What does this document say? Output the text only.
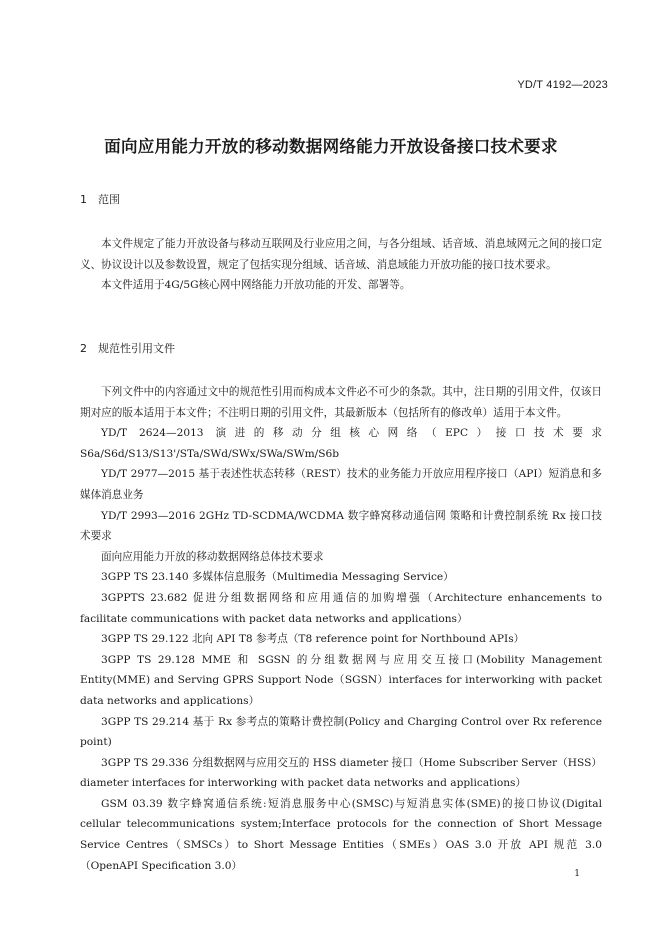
YD/T 4192—2023
面向应用能力开放的移动数据网络能力开放设备接口技术要求
1 范围

本文件规定了能力开放设备与移动互联网及行业应用之间，与各分组域、话音域、消息域网元之间的接口定义、协议设计以及参数设置，规定了包括实现分组域、话音域、消息域能力开放功能的接口技术要求。

本文件适用于4G/5G核心网中网络能力开放功能的开发、部署等。

2 规范性引用文件

下列文件中的内容通过文中的规范性引用而构成本文件必不可少的条款。其中，注日期的引用文件，仅该日期对应的版本适用于本文件；不注明日期的引用文件，其最新版本（包括所有的修改单）适用于本文件。

YD/T 2624—2013 演进的移动分组核心网络（EPC）接口技术要求 S6a/S6d/S13/S13'/STa/SWd/SWx/SWa/SWm/S6b

YD/T 2977—2015 基于表述性状态转移（REST）技术的业务能力开放应用程序接口（API）短消息和多媒体消息业务

YD/T 2993—2016 2GHz TD-SCDMA/WCDMA 数字蜂窝移动通信网 策略和计费控制系统 Rx 接口技术要求

面向应用能力开放的移动数据网络总体技术要求

3GPP TS 23.140 多媒体信息服务（Multimedia Messaging Service）

3GPPTS 23.682 促进分组数据网络和应用通信的加购增强（Architecture enhancements to facilitate communications with packet data networks and applications）

3GPP TS 29.122 北向 API T8 参考点（T8 reference point for Northbound APIs）

3GPP TS 29.128 MME 和 SGSN 的分组数据网与应用交互接口(Mobility Management Entity(MME) and Serving GPRS Support Node（SGSN）interfaces for interworking with packet data networks and applications）

3GPP TS 29.214 基于 Rx 参考点的策略计费控制(Policy and Charging Control over Rx reference point)

3GPP TS 29.336 分组数据网与应用交互的 HSS diameter 接口（Home Subscriber Server（HSS）diameter interfaces for interworking with packet data networks and applications）

GSM 03.39 数字蜂窝通信系统:短消息服务中心(SMSC)与短消息实体(SME)的接口协议(Digital cellular telecommunications system;Interface protocols for the connection of Short Message Service Centres（SMSCs）to Short Message Entities（SMEs）OAS 3.0 开放 API 规范 3.0（OpenAPI Specification 3.0）

1
